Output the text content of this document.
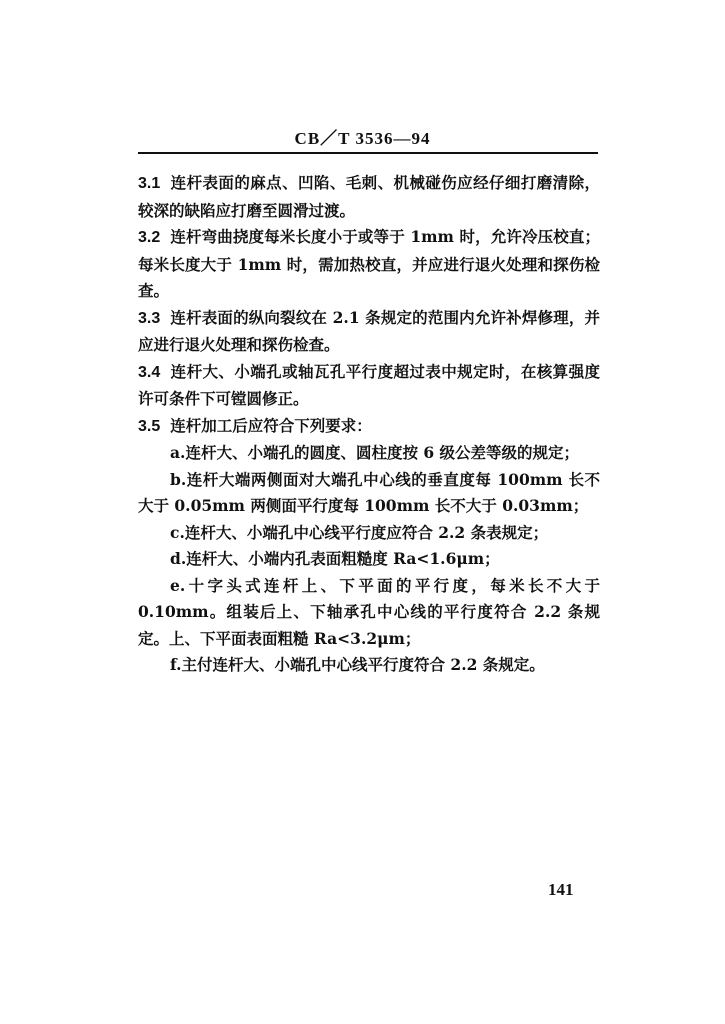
CB／T 3536—94

3.1 连杆表面的麻点、凹陷、毛刺、机械碰伤应经仔细打磨清除，较深的缺陷应打磨至圆滑过渡。

3.2 连杆弯曲挠度每米长度小于或等于 1mm 时，允许冷压校直；每米长度大于 1mm 时，需加热校直，并应进行退火处理和探伤检查。

3.3 连杆表面的纵向裂纹在 2.1 条规定的范围内允许补焊修理，并应进行退火处理和探伤检查。

3.4 连杆大、小端孔或轴瓦孔平行度超过表中规定时，在核算强度许可条件下可镗圆修正。

3.5 连杆加工后应符合下列要求：

a.连杆大、小端孔的圆度、圆柱度按 6 级公差等级的规定；

b.连杆大端两侧面对大端孔中心线的垂直度每 100mm 长不大于 0.05mm 两侧面平行度每 100mm 长不大于 0.03mm；

c.连杆大、小端孔中心线平行度应符合 2.2 条表规定；

d.连杆大、小端内孔表面粗糙度 Ra<1.6μm；

e.十字头式连杆上、下平面的平行度，每米长不大于 0.10mm。组装后上、下轴承孔中心线的平行度符合 2.2 条规定。上、下平面表面粗糙 Ra<3.2μm；

f.主付连杆大、小端孔中心线平行度符合 2.2 条规定。

141
